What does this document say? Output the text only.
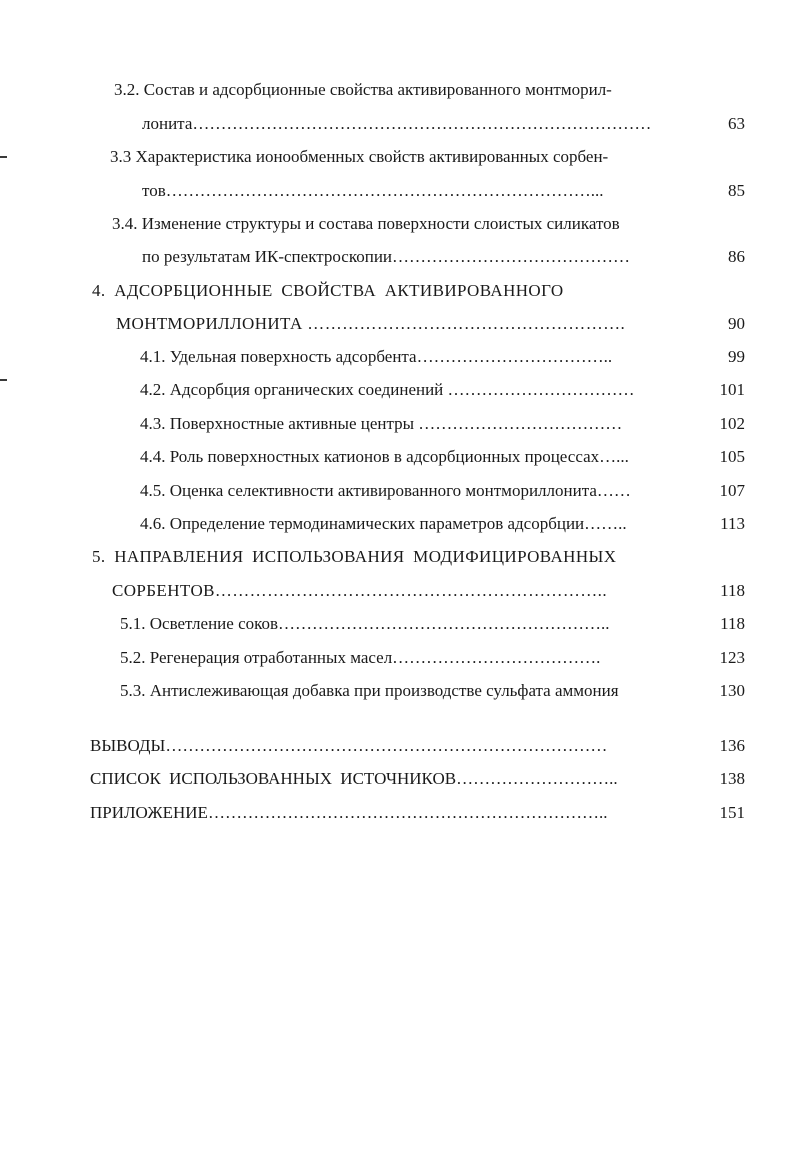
3.2. Состав и адсорбционные свойства активированного монтморил-
лонита………………………………………………………………………	63
3.3 Характеристика ионообменных свойств активированных сорбен-
тов…………………………………………………………………...	85
3.4. Изменение структуры и состава поверхности слоистых силикатов
по результатам ИК-спектроскопии……………………………………	86
4. АДСОРБЦИОННЫЕ СВОЙСТВА АКТИВИРОВАННОГО
МОНТМОРИЛЛОНИТА ……………………………………………….	90
4.1. Удельная поверхность адсорбента……………………………..	99
4.2. Адсорбция органических соединений ……………………………	101
4.3. Поверхностные активные центры ………………………………	102
4.4. Роль поверхностных катионов в адсорбционных процессах…...	105
4.5. Оценка селективности активированного монтмориллонита……	107
4.6. Определение термодинамических параметров адсорбции……..	113
5. НАПРАВЛЕНИЯ ИСПОЛЬЗОВАНИЯ МОДИФИЦИРОВАННЫХ
СОРБЕНТОВ…………………………………………………………..	118
5.1. Осветление соков…………………………………………………..	118
5.2. Регенерация отработанных масел……………………………….	123
5.3. Антислеживающая добавка при производстве сульфата аммония	130
ВЫВОДЫ……………………………………………………………………	136
СПИСОК ИСПОЛЬЗОВАННЫХ ИСТОЧНИКОВ………………………..	138
ПРИЛОЖЕНИЕ……………………………………………………………..	151
